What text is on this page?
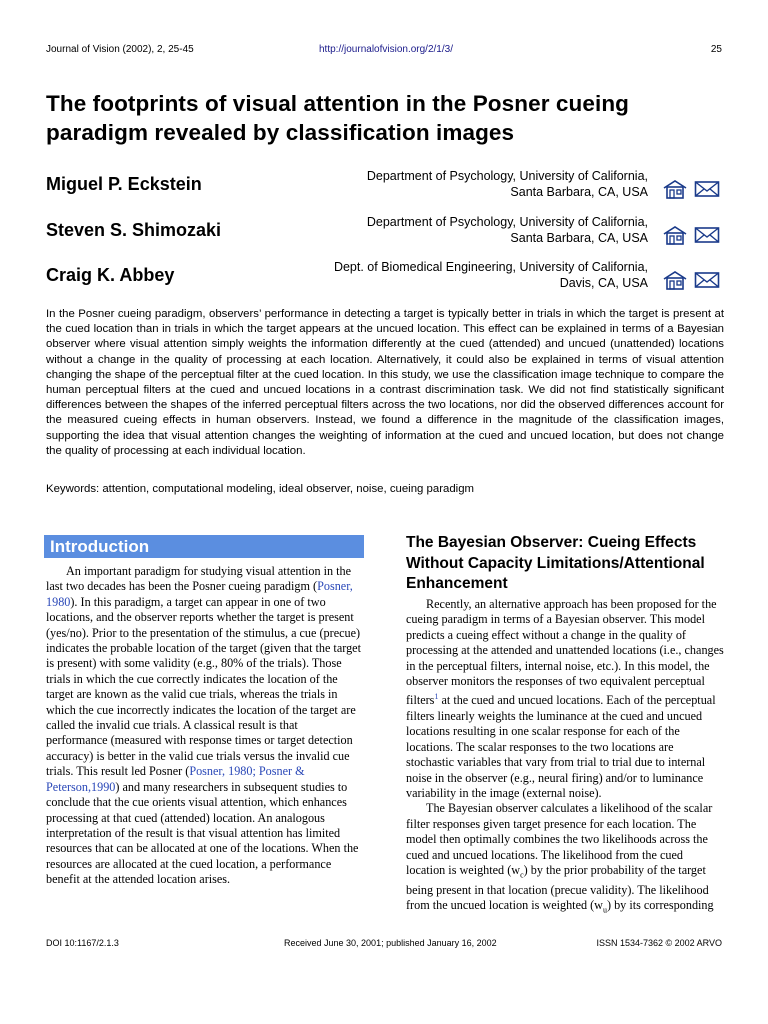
Journal of Vision (2002), 2, 25-45	http://journalofvision.org/2/1/3/	25
The footprints of visual attention in the Posner cueing paradigm revealed by classification images
Miguel P. Eckstein	Department of Psychology, University of California,
Santa Barbara, CA, USA
Steven S. Shimozaki	Department of Psychology, University of California,
Santa Barbara, CA, USA
Craig K. Abbey	Dept. of Biomedical Engineering, University of California,
Davis, CA, USA
In the Posner cueing paradigm, observers’ performance in detecting a target is typically better in trials in which the target is present at the cued location than in trials in which the target appears at the uncued location. This effect can be explained in terms of a Bayesian observer where visual attention simply weights the information differently at the cued (attended) and uncued (unattended) locations without a change in the quality of processing at each location. Alternatively, it could also be explained in terms of visual attention changing the shape of the perceptual filter at the cued location. In this study, we use the classification image technique to compare the human perceptual filters at the cued and uncued locations in a contrast discrimination task. We did not find statistically significant differences between the shapes of the inferred perceptual filters across the two locations, nor did the observed differences account for the measured cueing effects in human observers. Instead, we found a difference in the magnitude of the classification images, supporting the idea that visual attention changes the weighting of information at the cued and uncued location, but does not change the quality of processing at each individual location.
Keywords: attention, computational modeling, ideal observer, noise, cueing paradigm
Introduction

An important paradigm for studying visual attention in the last two decades has been the Posner cueing paradigm (Posner, 1980). In this paradigm, a target can appear in one of two locations, and the observer reports whether the target is present (yes/no). Prior to the presentation of the stimulus, a cue (precue) indicates the probable location of the target (given that the target is present) with some validity (e.g., 80% of the trials). Those trials in which the cue correctly indicates the location of the target are known as the valid cue trials, whereas the trials in which the cue incorrectly indicates the location of the target are called the invalid cue trials. A classical result is that performance (measured with response times or target detection accuracy) is better in the valid cue trials versus the invalid cue trials. This result led Posner (Posner, 1980; Posner & Peterson,1990) and many researchers in subsequent studies to conclude that the cue orients visual attention, which enhances processing at that cued (attended) location. An analogous interpretation of the result is that visual attention has limited resources that can be allocated at one of the locations. When the resources are allocated at the cued location, a performance benefit at the attended location arises.

The Bayesian Observer: Cueing Effects Without Capacity Limitations/Attentional Enhancement

Recently, an alternative approach has been proposed for the cueing paradigm in terms of a Bayesian observer. This model predicts a cueing effect without a change in the quality of processing at the attended and unattended locations (i.e., changes in the perceptual filters, internal noise, etc.). In this model, the observer monitors the responses of two equivalent perceptual filters$^1$ at the cued and uncued locations. Each of the perceptual filters linearly weights the luminance at the cued and uncued locations resulting in one scalar response for each of the locations. The scalar responses to the two locations are stochastic variables that vary from trial to trial due to internal noise in the observer (e.g., neural firing) and/or to luminance variability in the image (external noise).

The Bayesian observer calculates a likelihood of the scalar filter responses given target presence for each location. The model then optimally combines the two likelihoods across the cued and uncued locations. The likelihood from the cued location is weighted $(w_c)$ by the prior probability of the target being present in that location (precue validity). The likelihood from the uncued location is weighted $(w_u)$ by its corresponding

DOI 10:1167/2.1.3	Received June 30, 2001; published January 16, 2002	ISSN 1534-7362 © 2002 ARVO
